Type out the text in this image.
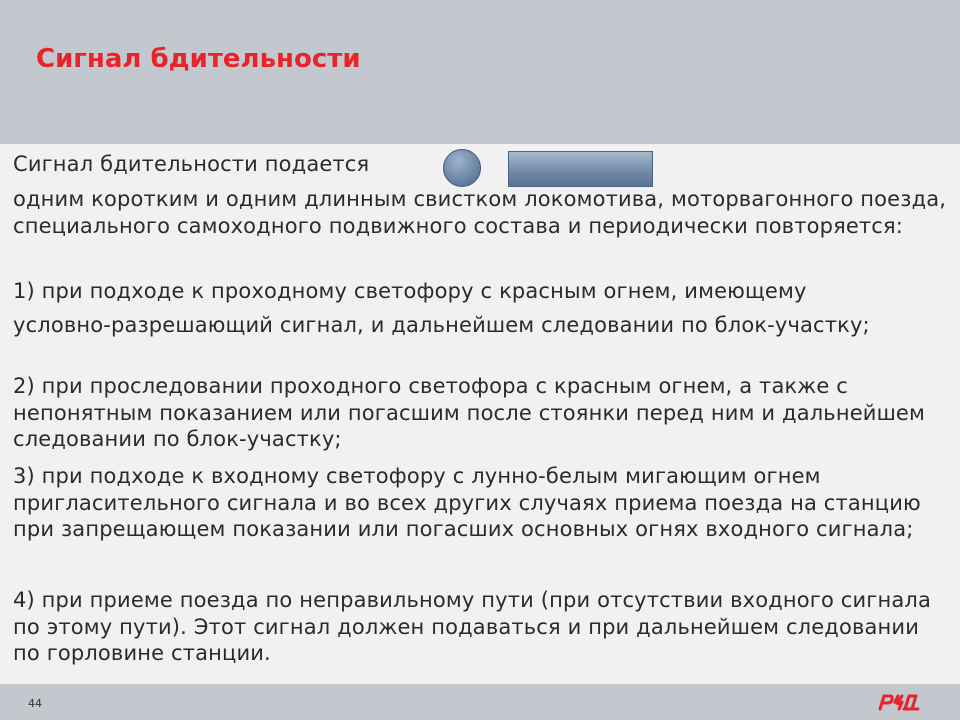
Сигнал бдительности
Сигнал бдительности подается
одним коротким и одним длинным свистком локомотива, моторвагонного поезда, специального самоходного подвижного состава и периодически повторяется:
1) при подходе к проходному светофору с красным огнем, имеющему
условно-разрешающий сигнал, и дальнейшем следовании по блок-участку;
2) при проследовании проходного светофора с красным огнем, а также с непонятным показанием или погасшим после стоянки перед ним и дальнейшем следовании по блок-участку;
3) при подходе к входному светофору с лунно-белым мигающим огнем пригласительного сигнала и во всех других случаях приема поезда на станцию при запрещающем показании или погасших основных огнях входного сигнала;
4) при приеме поезда по неправильному пути (при отсутствии входного сигнала по этому пути). Этот сигнал должен подаваться и при дальнейшем следовании по горловине станции.
44
